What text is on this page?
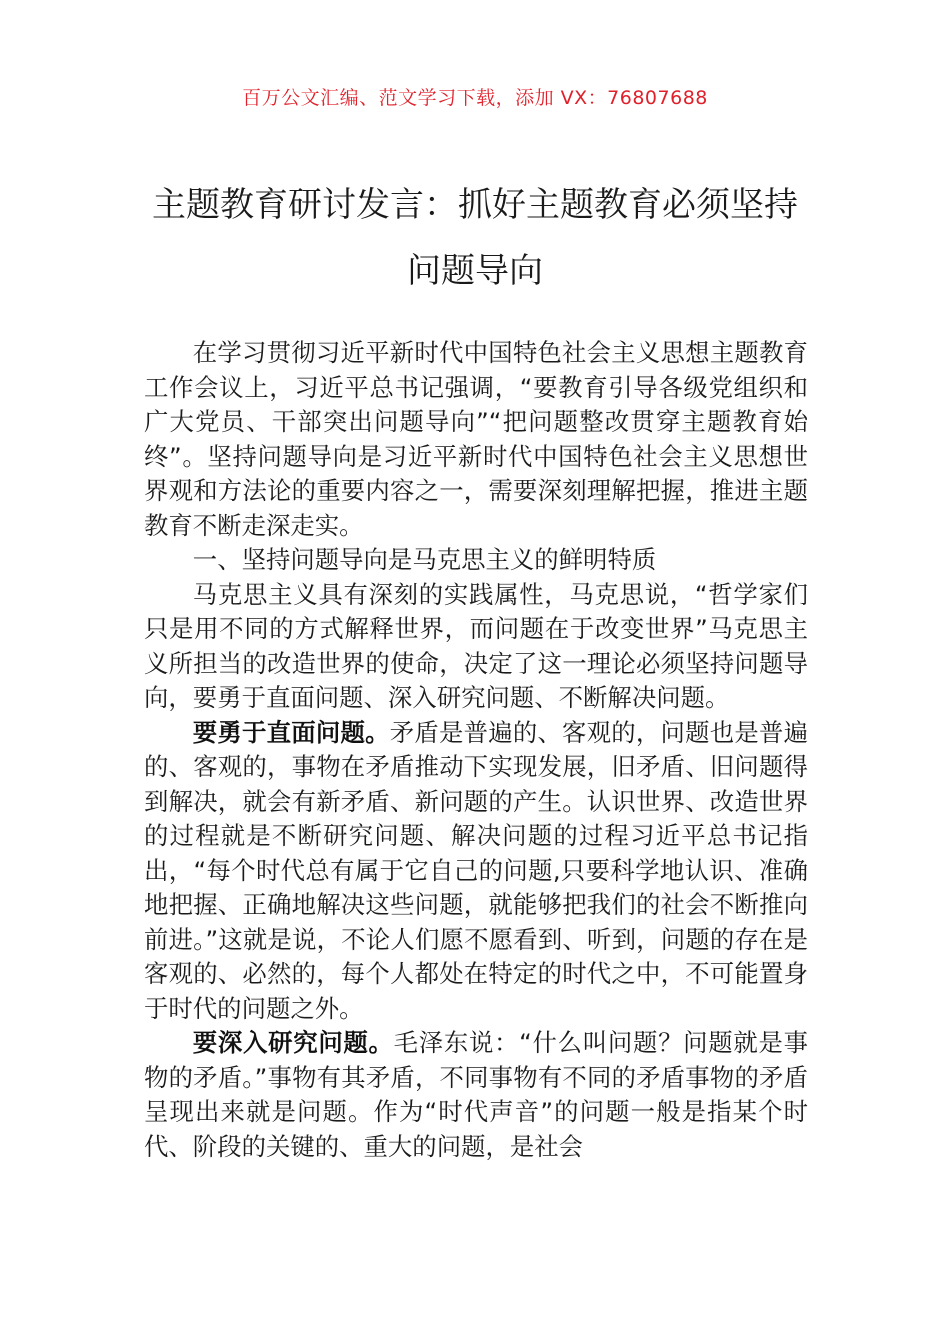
百万公文汇编、范文学习下载，添加 VX：76807688
主题教育研讨发言：抓好主题教育必须坚持问题导向

在学习贯彻习近平新时代中国特色社会主义思想主题教育工作会议上，习近平总书记强调，“要教育引导各级党组织和广大党员、干部突出问题导向”“把问题整改贯穿主题教育始终”。坚持问题导向是习近平新时代中国特色社会主义思想世界观和方法论的重要内容之一，需要深刻理解把握，推进主题教育不断走深走实。

一、坚持问题导向是马克思主义的鲜明特质

马克思主义具有深刻的实践属性，马克思说，“哲学家们只是用不同的方式解释世界，而问题在于改变世界”马克思主义所担当的改造世界的使命，决定了这一理论必须坚持问题导向，要勇于直面问题、深入研究问题、不断解决问题。

要勇于直面问题。矛盾是普遍的、客观的，问题也是普遍的、客观的，事物在矛盾推动下实现发展，旧矛盾、旧问题得到解决，就会有新矛盾、新问题的产生。认识世界、改造世界的过程就是不断研究问题、解决问题的过程习近平总书记指出，“每个时代总有属于它自己的问题,只要科学地认识、准确地把握、正确地解决这些问题，就能够把我们的社会不断推向前进。”这就是说，不论人们愿不愿看到、听到，问题的存在是客观的、必然的，每个人都处在特定的时代之中，不可能置身于时代的问题之外。

要深入研究问题。毛泽东说：“什么叫问题？问题就是事物的矛盾。”事物有其矛盾，不同事物有不同的矛盾事物的矛盾呈现出来就是问题。作为“时代声音”的问题一般是指某个时代、阶段的关键的、重大的问题，是社会
